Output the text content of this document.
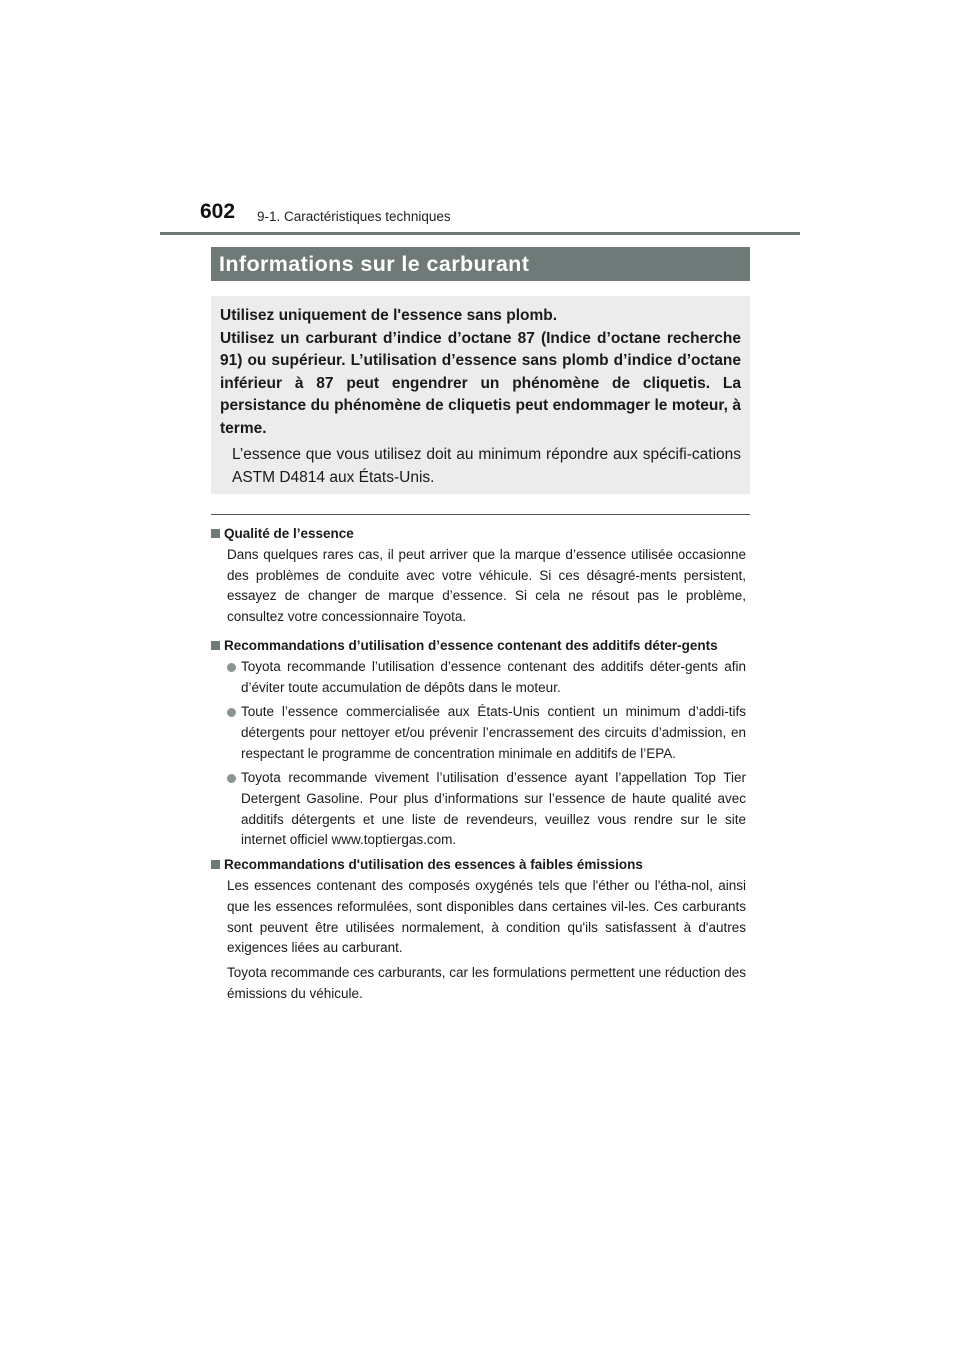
602 9-1. Caractéristiques techniques
Informations sur le carburant

Utilisez uniquement de l'essence sans plomb.

Utilisez un carburant d’indice d’octane 87 (Indice d’octane recherche 91) ou supérieur. L’utilisation d’essence sans plomb d’indice d’octane inférieur à 87 peut engendrer un phénomène de cliquetis. La persistance du phénomène de cliquetis peut endommager le moteur, à terme.

L’essence que vous utilisez doit au minimum répondre aux spécifi-cations ASTM D4814 aux États-Unis.

Qualité de l’essence

Dans quelques rares cas, il peut arriver que la marque d’essence utilisée occasionne des problèmes de conduite avec votre véhicule. Si ces désagré-ments persistent, essayez de changer de marque d’essence. Si cela ne résout pas le problème, consultez votre concessionnaire Toyota.

Recommandations d’utilisation d’essence contenant des additifs déter-gents
Toyota recommande l’utilisation d’essence contenant des additifs déter-gents afin d’éviter toute accumulation de dépôts dans le moteur.
Toute l’essence commercialisée aux États-Unis contient un minimum d’addi-tifs détergents pour nettoyer et/ou prévenir l’encrassement des circuits d’admission, en respectant le programme de concentration minimale en additifs de l’EPA.
Toyota recommande vivement l’utilisation d’essence ayant l’appellation Top Tier Detergent Gasoline. Pour plus d’informations sur l’essence de haute qualité avec additifs détergents et une liste de revendeurs, veuillez vous rendre sur le site internet officiel www.toptiergas.com.
Recommandations d'utilisation des essences à faibles émissions

Les essences contenant des composés oxygénés tels que l'éther ou l'étha-nol, ainsi que les essences reformulées, sont disponibles dans certaines vil-les. Ces carburants sont peuvent être utilisées normalement, à condition qu'ils satisfassent à d'autres exigences liées au carburant.

Toyota recommande ces carburants, car les formulations permettent une réduction des émissions du véhicule.
